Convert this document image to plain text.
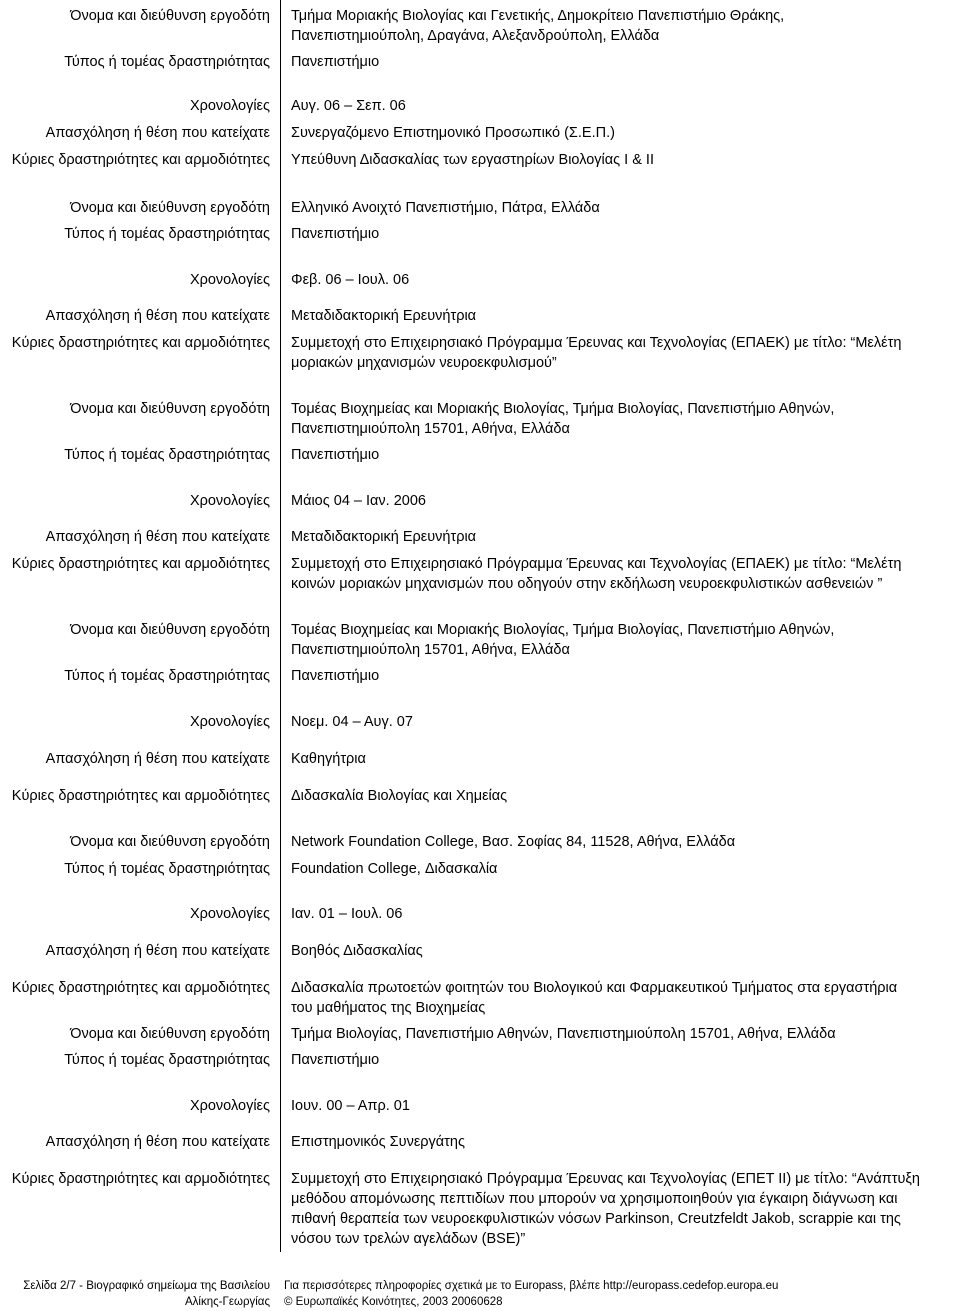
Όνομα και διεύθυνση εργοδότη Τμήμα Μοριακής Βιολογίας και Γενετικής, Δημοκρίτειο Πανεπιστήμιο Θράκης, Πανεπιστημιούπολη, Δραγάνα, Αλεξανδρούπολη, Ελλάδα
Τύπος ή τομέας δραστηριότητας Πανεπιστήμιο
Χρονολογίες Αυγ. 06 – Σεπ. 06
Απασχόληση ή θέση που κατείχατε Συνεργαζόμενο Επιστημονικό Προσωπικό (Σ.Ε.Π.)
Κύριες δραστηριότητες και αρμοδιότητες Υπεύθυνη Διδασκαλίας των εργαστηρίων Βιολογίας Ι & ΙΙ
Όνομα και διεύθυνση εργοδότη Ελληνικό Ανοιχτό Πανεπιστήμιο, Πάτρα, Ελλάδα
Τύπος ή τομέας δραστηριότητας Πανεπιστήμιο
Χρονολογίες Φεβ. 06 – Ιουλ. 06
Απασχόληση ή θέση που κατείχατε Μεταδιδακτορική Ερευνήτρια
Κύριες δραστηριότητες και αρμοδιότητες Συμμετοχή στο Επιχειρησιακό Πρόγραμμα Έρευνας και Τεχνολογίας (ΕΠΑΕΚ) με τίτλο: “Μελέτη μοριακών μηχανισμών νευροεκφυλισμού”
Όνομα και διεύθυνση εργοδότη Τομέας Βιοχημείας και Μοριακής Βιολογίας, Τμήμα Βιολογίας, Πανεπιστήμιο Αθηνών, Πανεπιστημιούπολη 15701, Αθήνα, Ελλάδα
Τύπος ή τομέας δραστηριότητας Πανεπιστήμιο
Χρονολογίες Μάιος 04 – Ιαν. 2006
Απασχόληση ή θέση που κατείχατε Μεταδιδακτορική Ερευνήτρια
Κύριες δραστηριότητες και αρμοδιότητες Συμμετοχή στο Επιχειρησιακό Πρόγραμμα Έρευνας και Τεχνολογίας (ΕΠΑΕΚ) με τίτλο: “Μελέτη κοινών μοριακών μηχανισμών που οδηγούν στην εκδήλωση νευροεκφυλιστικών ασθενειών ”
Όνομα και διεύθυνση εργοδότη Τομέας Βιοχημείας και Μοριακής Βιολογίας, Τμήμα Βιολογίας, Πανεπιστήμιο Αθηνών, Πανεπιστημιούπολη 15701, Αθήνα, Ελλάδα
Τύπος ή τομέας δραστηριότητας Πανεπιστήμιο
Χρονολογίες Νοεμ. 04 – Αυγ. 07
Απασχόληση ή θέση που κατείχατε Καθηγήτρια
Κύριες δραστηριότητες και αρμοδιότητες Διδασκαλία Βιολογίας και Χημείας
Όνομα και διεύθυνση εργοδότη Network Foundation College, Βασ. Σοφίας 84, 11528, Αθήνα, Ελλάδα
Τύπος ή τομέας δραστηριότητας Foundation College, Διδασκαλία
Χρονολογίες Ιαν. 01 – Ιουλ. 06
Απασχόληση ή θέση που κατείχατε Βοηθός Διδασκαλίας
Κύριες δραστηριότητες και αρμοδιότητες Διδασκαλία πρωτοετών φοιτητών του Βιολογικού και Φαρμακευτικού Τμήματος στα εργαστήρια του μαθήματος της Βιοχημείας
Όνομα και διεύθυνση εργοδότη Τμήμα Βιολογίας, Πανεπιστήμιο Αθηνών, Πανεπιστημιούπολη 15701, Αθήνα, Ελλάδα
Τύπος ή τομέας δραστηριότητας Πανεπιστήμιο
Χρονολογίες Ιουν. 00 – Απρ. 01
Απασχόληση ή θέση που κατείχατε Επιστημονικός Συνεργάτης
Κύριες δραστηριότητες και αρμοδιότητες Συμμετοχή στο Επιχειρησιακό Πρόγραμμα Έρευνας και Τεχνολογίας (ΕΠΕΤ ΙΙ) με τίτλο: “Ανάπτυξη μεθόδου απομόνωσης πεπτιδίων που μπορούν να χρησιμοποιηθούν για έγκαιρη διάγνωση και πιθανή θεραπεία των νευροεκφυλιστικών νόσων Parkinson, Creutzfeldt Jakob, scrappie και της νόσου των τρελών αγελάδων (BSE)”
Σελίδα 2/7 - Βιογραφικό σημείωμα της Βασιλείου Αλίκης-Γεωργίας
Για περισσότερες πληροφορίες σχετικά με το Europass, βλέπε http://europass.cedefop.europa.eu
© Ευρωπαϊκές Κοινότητες, 2003 20060628
